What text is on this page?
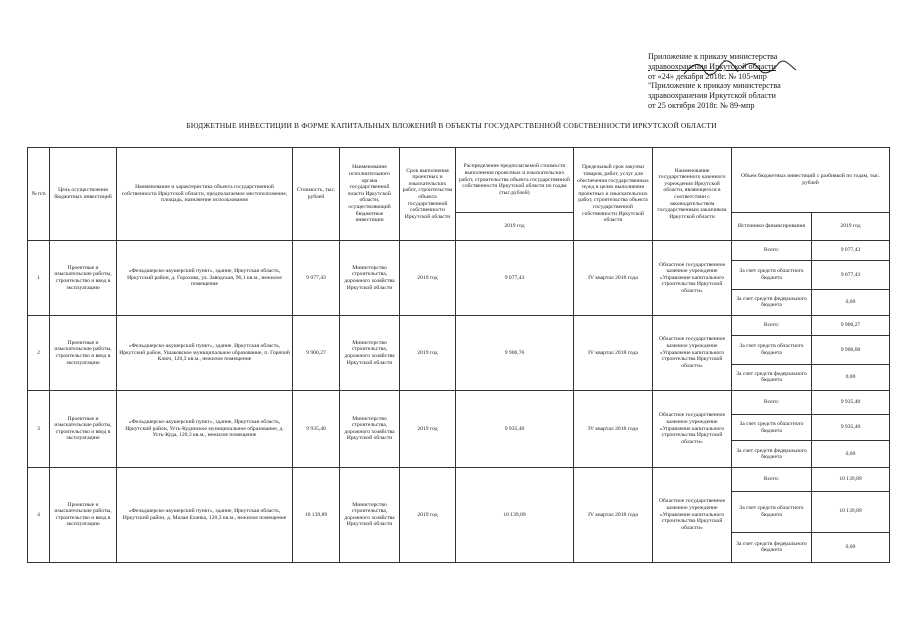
Приложение к приказу министерства
здравоохранения Иркутской области
от «24» декабря 2018г. № 105-мпр
"Приложение к приказу министерства
здравоохранения Иркутской области
от 25 октября 2018г. № 89-мпр
БЮДЖЕТНЫЕ ИНВЕСТИЦИИ В ФОРМЕ КАПИТАЛЬНЫХ ВЛОЖЕНИЙ В ОБЪЕКТЫ ГОСУДАРСТВЕННОЙ СОБСТВЕННОСТИ ИРКУТСКОЙ ОБЛАСТИ
№ п/п	Цель осуществления бюджетных инвестиций	Наименование и характеристика объекта государственной собственности Иркутской области, предполагаемое местоположение, площадь, назначение использования	Стоимость, тыс. рублей	Наименование исполнительного органа государственной власти Иркутской области, осуществляющий бюджетные инвестиции	Срок выполнения проектных и изыскательских работ, строительства объекта государственной собственности Иркутской области	Распределение предполагаемой стоимости выполнения проектных и изыскательских работ, строительства объекта государственной собственности Иркутской области по годам (тыс.рублей)	Предельный срок закупки товаров, работ, услуг для обеспечения государственных нужд в целях выполнения проектных и изыскательских работ, строительства объекта государственной собственности Иркутской области	Наименование государственного казенного учреждения Иркутской области, являющегося в соответствии с законодательством государственным заказчиком Иркутской области	Объем бюджетных инвестиций с разбивкой по годам, тыс. рублей	
						2019 год			Источники финансирования	2019 год
1	Проектные и изыскательские работы, строительство и ввод в эксплуатацию	«Фельдшерско-акушерский пункт», здание, Иркутская область, Иркутский район, д. Горохова, ул. Заводская, 96,1 кв.м., нежилое помещение	9 077,43	Министерство строительства, дорожного хозяйства Иркутской области	2019 год	9 077,43	IV квартал 2018 года	Областное государственное казенное учреждение «Управление капитального строительства Иркутской области»	Всего:	9 077,43
									За счет средств областного бюджета	9 077,43
									За счет средств федерального бюджета	0,00
2	Проектные и изыскательские работы, строительство и ввод в эксплуатацию	«Фельдшерско-акушерский пункт», здание, Иркутская область, Иркутский район, Ушаковское муниципальное образование, п. Горячий Ключ, 120,3 кв.м., нежилое помещение	9 900,27	Министерство строительства, дорожного хозяйства Иркутской области	2019 год	9 900,70	IV квартал 2018 года	Областное государственное казенное учреждение «Управление капитального строительства Иркутской области»	Всего:	9 900,27
									За счет средств областного бюджета	9 900,00
									За счет средств федерального бюджета	0,00
3	Проектные и изыскательские работы, строительство и ввод в эксплуатацию	«Фельдшерско-акушерский пункт», здание, Иркутская область, Иркутский район, Усть-Кудинское муниципальное образование, д. Усть-Куда, 120,3 кв.м., нежилое помещение	9 935,40	Министерство строительства, дорожного хозяйства Иркутской области	2019 год	9 935,40	IV квартал 2018 года	Областное государственное казенное учреждение «Управление капитального строительства Иркутской области»	Всего:	9 935,40
									За счет средств областного бюджета	9 935,40
									За счет средств федерального бюджета	0,00
4	Проектные и изыскательские работы, строительство и ввод в эксплуатацию	«Фельдшерско-акушерский пункт», здание, Иркутская область, Иркутский район, д. Малая Еланка, 120,3 кв.м., нежилое помещение	10 139,89	Министерство строительства, дорожного хозяйства Иркутской области	2019 год	10 139,89	IV квартал 2018 года	Областное государственное казенное учреждение «Управление капитального строительства Иркутской области»	Всего:	10 139,89
									За счет средств областного бюджета	10 139,89
									За счет средств федерального бюджета	0,00
